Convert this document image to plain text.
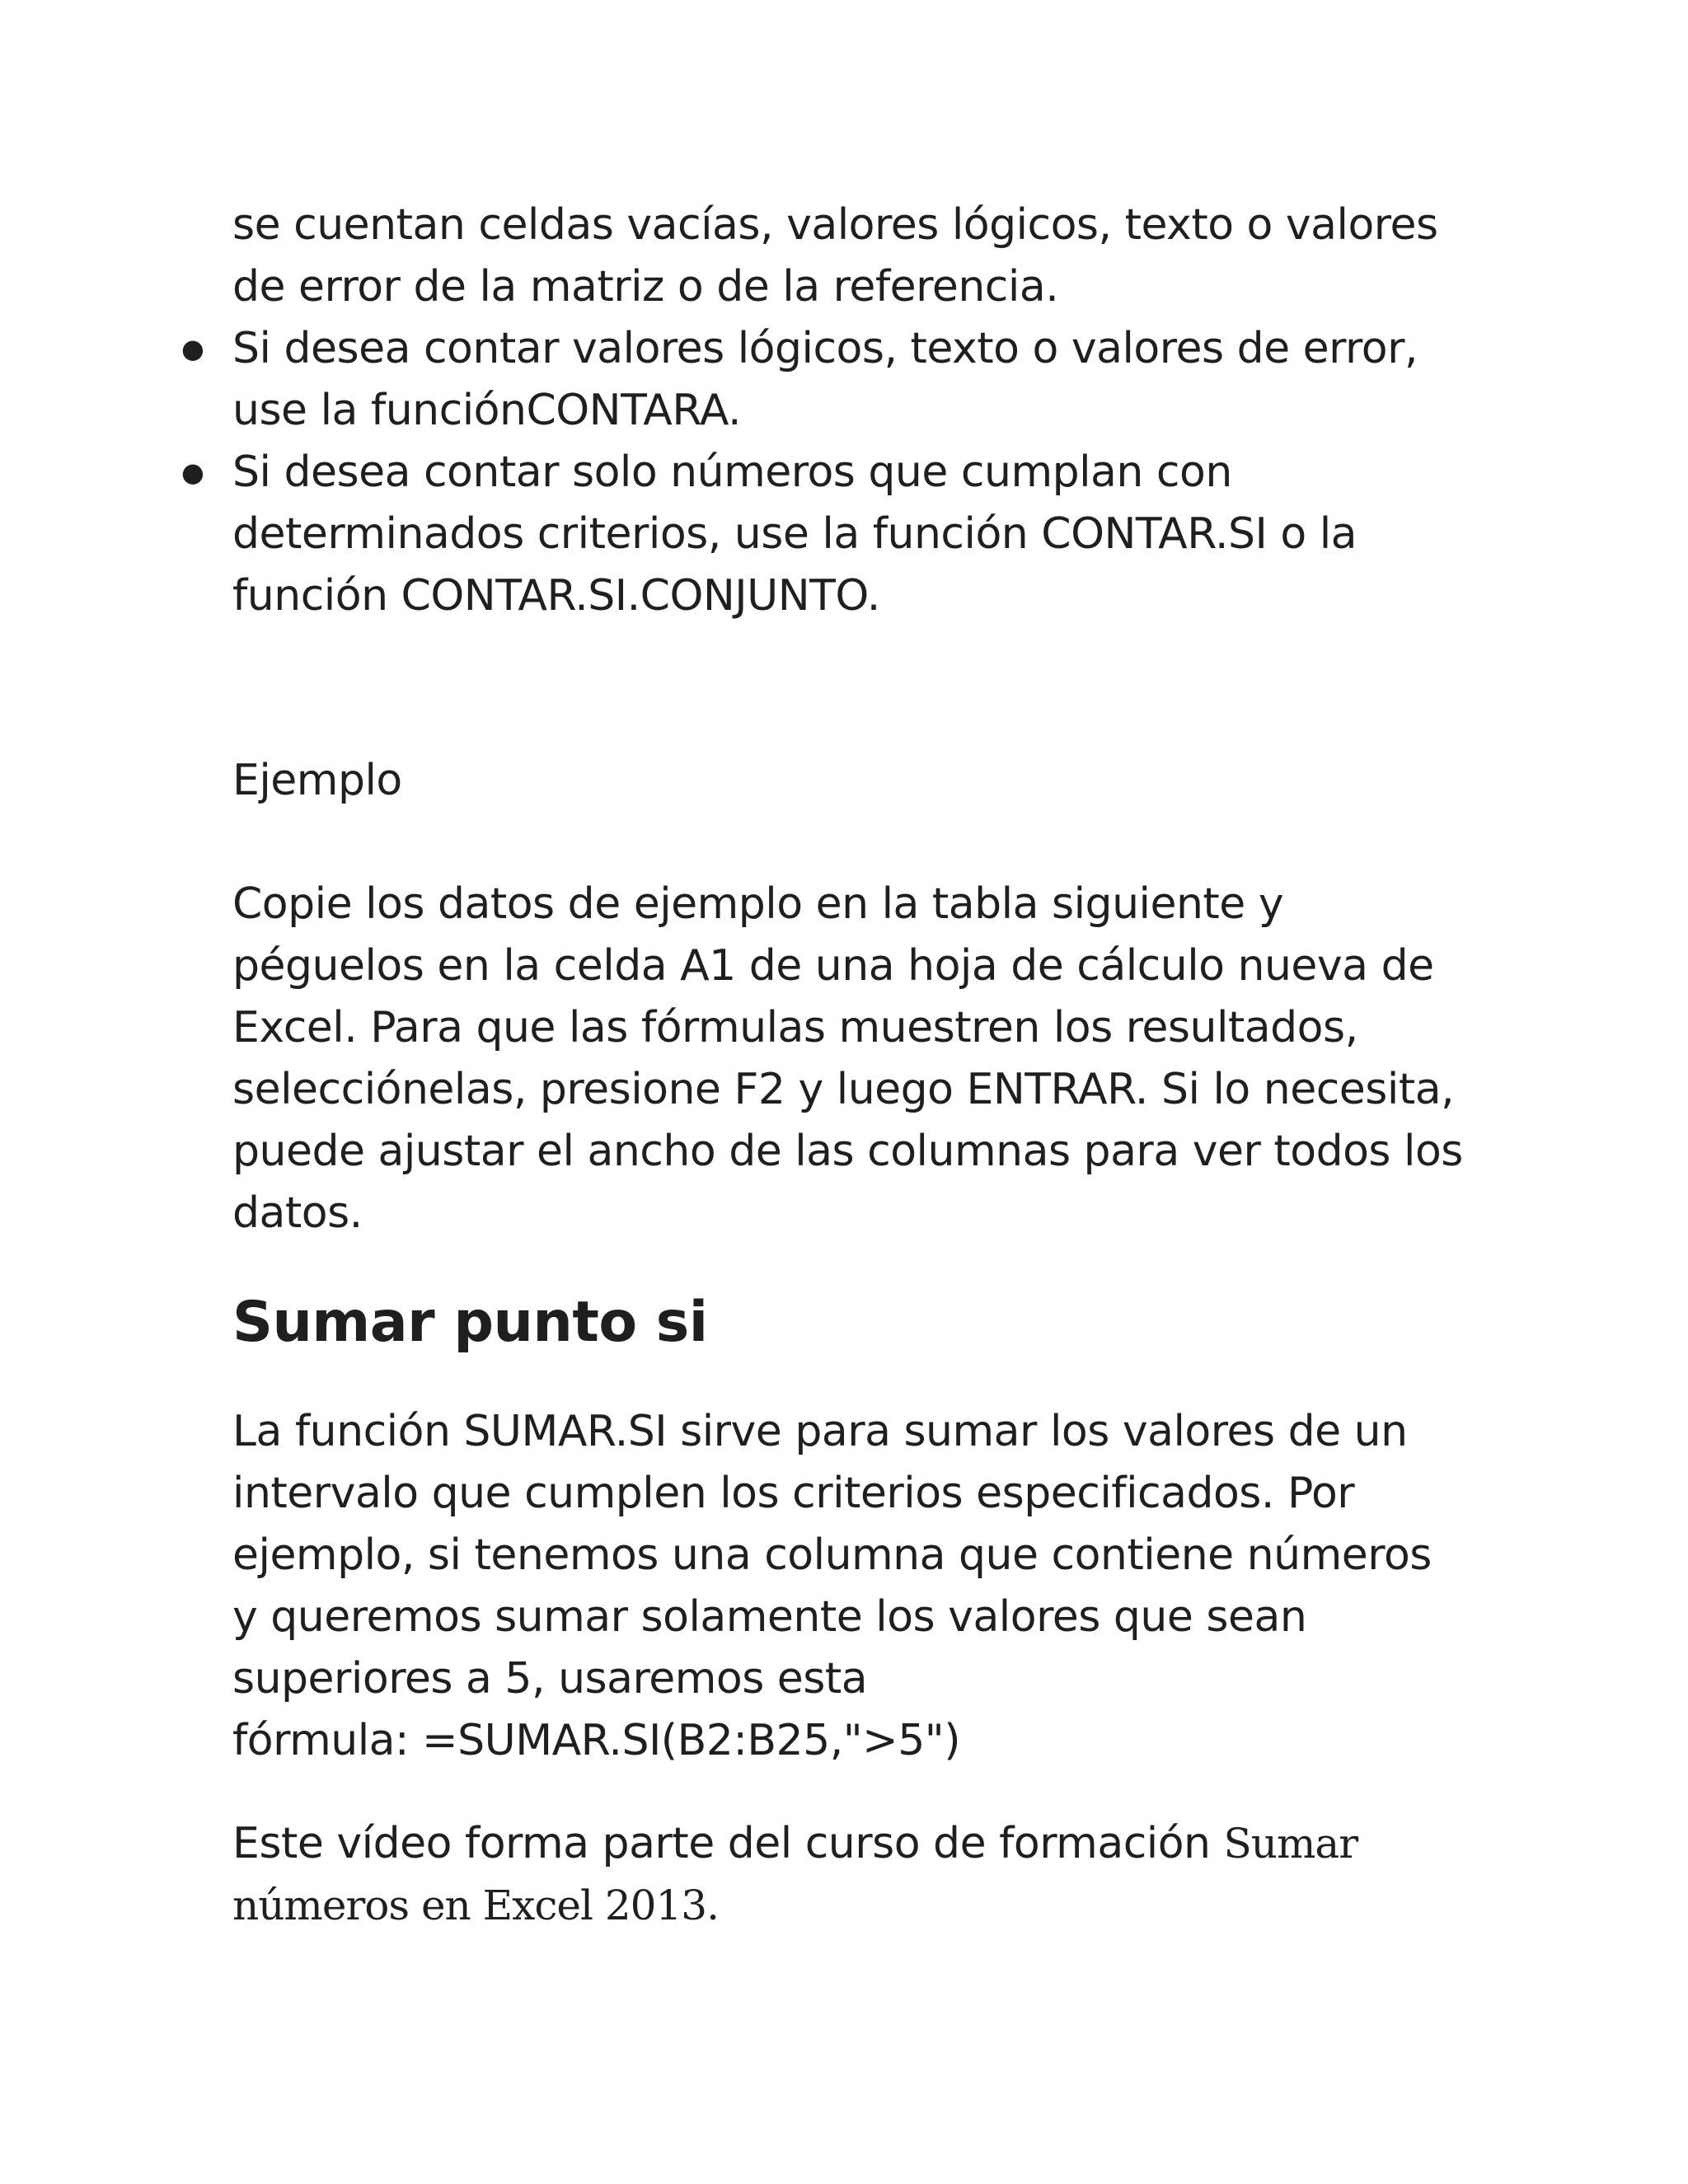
se cuentan celdas vacías, valores lógicos, texto o valores de error de la matriz o de la referencia.

● Si desea contar valores lógicos, texto o valores de error, use la funciónCONTARA.
● Si desea contar solo números que cumplan con determinados criterios, use la función CONTAR.SI o la función CONTAR.SI.CONJUNTO.

Ejemplo

Copie los datos de ejemplo en la tabla siguiente y péguelos en la celda A1 de una hoja de cálculo nueva de Excel. Para que las fórmulas muestren los resultados, selecciónelas, presione F2 y luego ENTRAR. Si lo necesita, puede ajustar el ancho de las columnas para ver todos los datos.

Sumar punto si

La función SUMAR.SI sirve para sumar los valores de un intervalo que cumplen los criterios especificados. Por ejemplo, si tenemos una columna que contiene números y queremos sumar solamente los valores que sean superiores a 5, usaremos esta
fórmula: =SUMAR.SI(B2:B25,">5")

Este vídeo forma parte del curso de formación Sumar números en Excel 2013.
